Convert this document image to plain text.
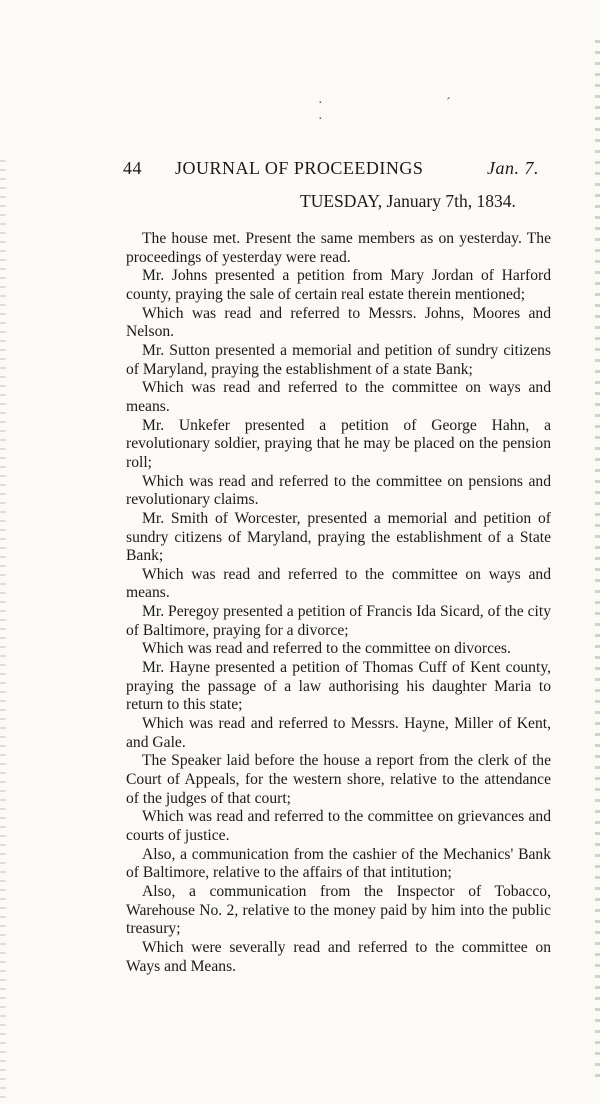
· ˊ ·
44 JOURNAL OF PROCEEDINGS	Jan. 7.
TUESDAY, January 7th, 1834.

The house met. Present the same members as on yesterday. The proceedings of yesterday were read.

Mr. Johns presented a petition from Mary Jordan of Harford county, praying the sale of certain real estate therein mentioned;

Which was read and referred to Messrs. Johns, Moores and Nelson.

Mr. Sutton presented a memorial and petition of sundry citizens of Maryland, praying the establishment of a state Bank;

Which was read and referred to the committee on ways and means.

Mr. Unkefer presented a petition of George Hahn, a revolutionary soldier, praying that he may be placed on the pension roll;

Which was read and referred to the committee on pensions and revolutionary claims.

Mr. Smith of Worcester, presented a memorial and petition of sundry citizens of Maryland, praying the establishment of a State Bank;

Which was read and referred to the committee on ways and means.

Mr. Peregoy presented a petition of Francis Ida Sicard, of the city of Baltimore, praying for a divorce;

Which was read and referred to the committee on divorces.

Mr. Hayne presented a petition of Thomas Cuff of Kent county, praying the passage of a law authorising his daughter Maria to return to this state;

Which was read and referred to Messrs. Hayne, Miller of Kent, and Gale.

The Speaker laid before the house a report from the clerk of the Court of Appeals, for the western shore, relative to the attendance of the judges of that court;

Which was read and referred to the committee on grievances and courts of justice.

Also, a communication from the cashier of the Mechanics' Bank of Baltimore, relative to the affairs of that intitution;

Also, a communication from the Inspector of Tobacco, Warehouse No. 2, relative to the money paid by him into the public treasury;

Which were severally read and referred to the committee on Ways and Means.
